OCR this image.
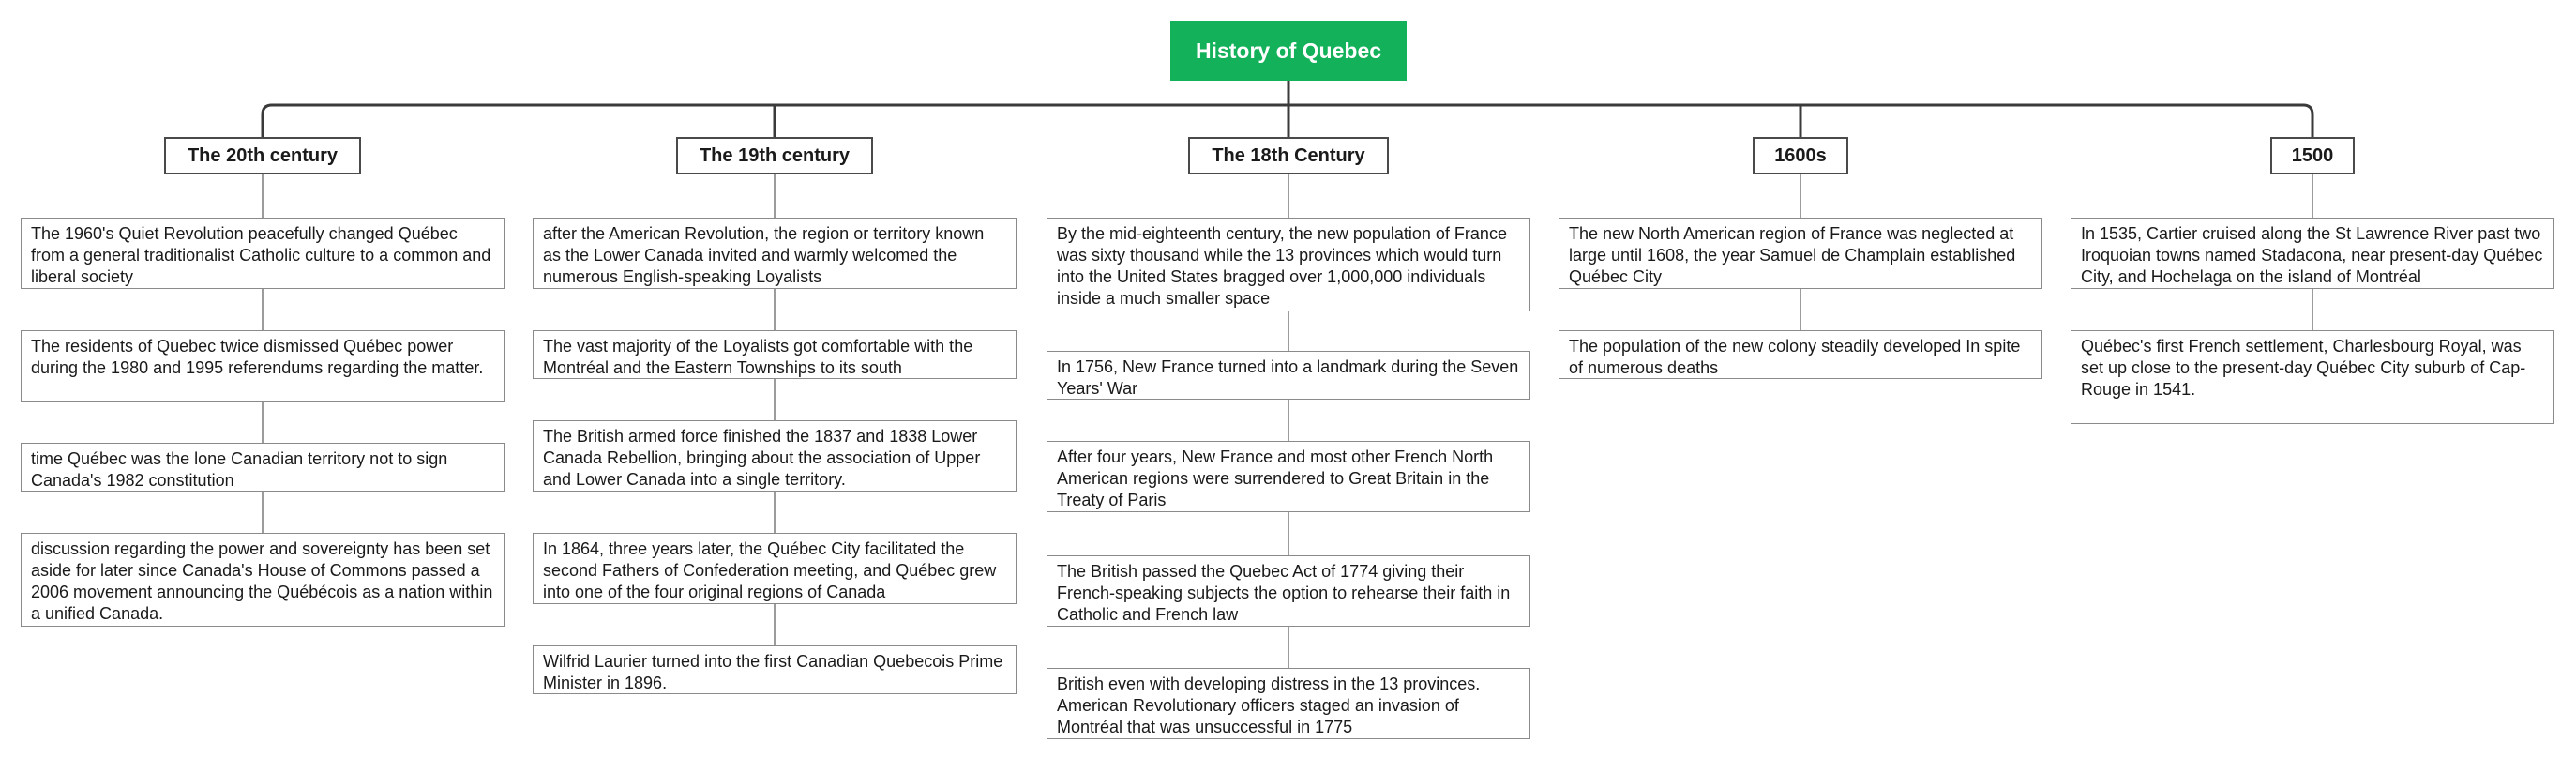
History of Quebec
The 20th century
The 1960's Quiet Revolution peacefully changed Québec from a general traditionalist Catholic culture to a common and liberal society
The residents of Quebec twice dismissed Québec power during the 1980 and 1995 referendums regarding the matter.
time Québec was the lone Canadian territory not to sign Canada's 1982 constitution
discussion regarding the power and sovereignty has been set aside for later since Canada's House of Commons passed a 2006 movement announcing the Québécois as a nation within a unified Canada.
The 19th century
after the American Revolution, the region or territory known as the Lower Canada invited and warmly welcomed the numerous English-speaking Loyalists
The vast majority of the Loyalists got comfortable with the Montréal and the Eastern Townships to its south
The British armed force finished the 1837 and 1838 Lower Canada Rebellion, bringing about the association of Upper and Lower Canada into a single territory.
In 1864, three years later, the Québec City facilitated the second Fathers of Confederation meeting, and Québec grew into one of the four original regions of Canada
Wilfrid Laurier turned into the first Canadian Quebecois Prime Minister in 1896.
The 18th Century
By the mid-eighteenth century, the new population of France was sixty thousand while the 13 provinces which would turn into the United States bragged over 1,000,000 individuals inside a much smaller space
In 1756, New France turned into a landmark during the Seven Years' War
After four years, New France and most other French North American regions were surrendered to Great Britain in the Treaty of Paris
The British passed the Quebec Act of 1774 giving their French-speaking subjects the option to rehearse their faith in Catholic and French law
British even with developing distress in the 13 provinces. American Revolutionary officers staged an invasion of Montréal that was unsuccessful in 1775
1600s
The new North American region of France was neglected at large until 1608, the year Samuel de Champlain established Québec City
The population of the new colony steadily developed In spite of numerous deaths
1500
In 1535, Cartier cruised along the St Lawrence River past two Iroquoian towns named Stadacona, near present-day Québec City, and Hochelaga on the island of Montréal
Québec's first French settlement, Charlesbourg Royal, was set up close to the present-day Québec City suburb of Cap-Rouge in 1541.
